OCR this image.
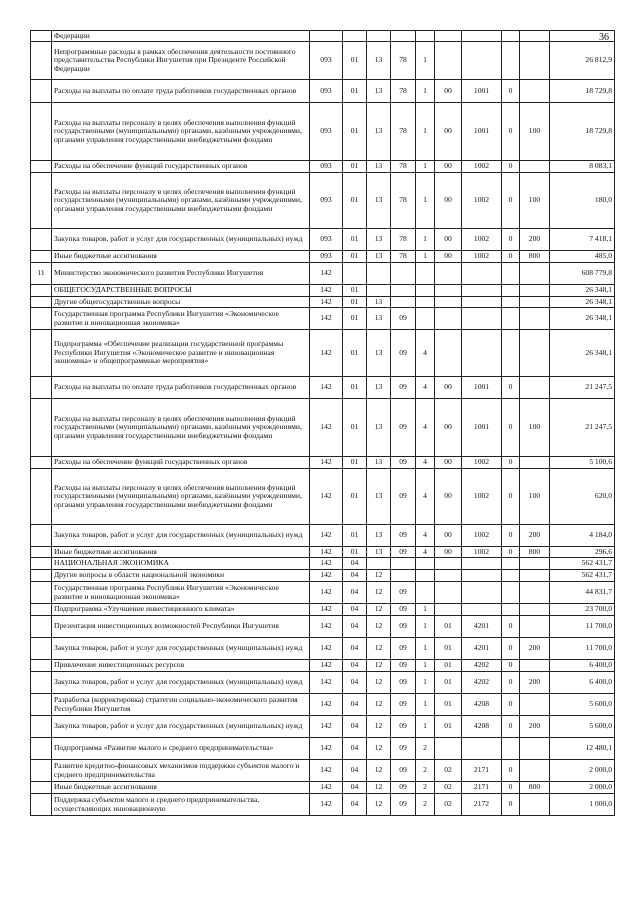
36
	Федерации										
	Непрограммные расходы в рамках обеспечения деятельности постоянного представительства Республики Ингушетия при Президенте Российской Федерации	093	01	13	78	1					26 812,9
	Расходы на выплаты по оплате труда работников государственных органов	093	01	13	78	1	00	1001	0		18 729,8
	Расходы на выплаты персоналу в целях обеспечения выполнения функций государственными (муниципальными) органами, казёнными учреждениями, органами управления государственными внебюджетными фондами	093	01	13	78	1	00	1001	0	100	18 729,8
	Расходы на обеспечение функций государственных органов	093	01	13	78	1	00	1002	0		8 083,1
	Расходы на выплаты персоналу в целях обеспечения выполнения функций государственными (муниципальными) органами, казёнными учреждениями, органами управления государственными внебюджетными фондами	093	01	13	78	1	00	1002	0	100	180,0
	Закупка товаров, работ и услуг для государственных (муниципальных) нужд	093	01	13	78	1	00	1002	0	200	7 418,1
	Иные бюджетные ассигнования	093	01	13	78	1	00	1002	0	800	485,0
11	Министерство экономического развития Республики Ингушетия	142									608 779,8
	ОБЩЕГОСУДАРСТВЕННЫЕ ВОПРОСЫ	142	01								26 348,1
	Другие общегосударственные вопросы	142	01	13							26 348,1
	Государственная программа Республики Ингушетия «Экономическое развитие и инновационная экономика»	142	01	13	09						26 348,1
	Подпрограмма «Обеспечение реализации государственной программы Республики Ингушетия «Экономическое развитие и инновационная экономика» и общепрограммные мероприятия»	142	01	13	09	4					26 348,1
	Расходы на выплаты по оплате труда работников государственных органов	142	01	13	09	4	00	1001	0		21 247,5
	Расходы на выплаты персоналу в целях обеспечения выполнения функций государственными (муниципальными) органами, казёнными учреждениями, органами управления государственными внебюджетными фондами	142	01	13	09	4	00	1001	0	100	21 247,5
	Расходы на обеспечение функций государственных органов	142	01	13	09	4	00	1002	0		5 100,6
	Расходы на выплаты персоналу в целях обеспечения выполнения функций государственными (муниципальными) органами, казёнными учреждениями, органами управления государственными внебюджетными фондами	142	01	13	09	4	00	1002	0	100	620,0
	Закупка товаров, работ и услуг для государственных (муниципальных) нужд	142	01	13	09	4	00	1002	0	200	4 184,0
	Иные бюджетные ассигнования	142	01	13	09	4	00	1002	0	800	296,6
	НАЦИОНАЛЬНАЯ ЭКОНОМИКА	142	04								562 431,7
	Другие вопросы в области национальной экономики	142	04	12							562 431,7
	Государственная программа Республики Ингушетия «Экономическое развитие и инновационная экономика»	142	04	12	09						44 831,7
	Подпрограмма «Улучшение инвестиционного климата»	142	04	12	09	1					23 700,0
	Презентация инвестиционных возможностей Республики Ингушетия	142	04	12	09	1	01	4201	0		11 700,0
	Закупка товаров, работ и услуг для государственных (муниципальных) нужд	142	04	12	09	1	01	4201	0	200	11 700,0
	Привлечение инвестиционных ресурсов	142	04	12	09	1	01	4202	0		6 400,0
	Закупка товаров, работ и услуг для государственных (муниципальных) нужд	142	04	12	09	1	01	4202	0	200	6 400,0
	Разработка (корректировка) стратегии социально-экономического развития Республики Ингушетия	142	04	12	09	1	01	4208	0		5 600,0
	Закупка товаров, работ и услуг для государственных (муниципальных) нужд	142	04	12	09	1	01	4208	0	200	5 600,0
	Подпрограмма «Развитие малого и среднего предпринимательства»	142	04	12	09	2					12 480,1
	Развитие кредитно-финансовых механизмов поддержки субъектов малого и среднего предпринимательства	142	04	12	09	2	02	2171	0		2 000,0
	Иные бюджетные ассигнования	142	04	12	09	2	02	2171	0	800	2 000,0
	Поддержка субъектов малого и среднего предпринимательства, осуществляющих инновационную	142	04	12	09	2	02	2172	0		1 000,0
